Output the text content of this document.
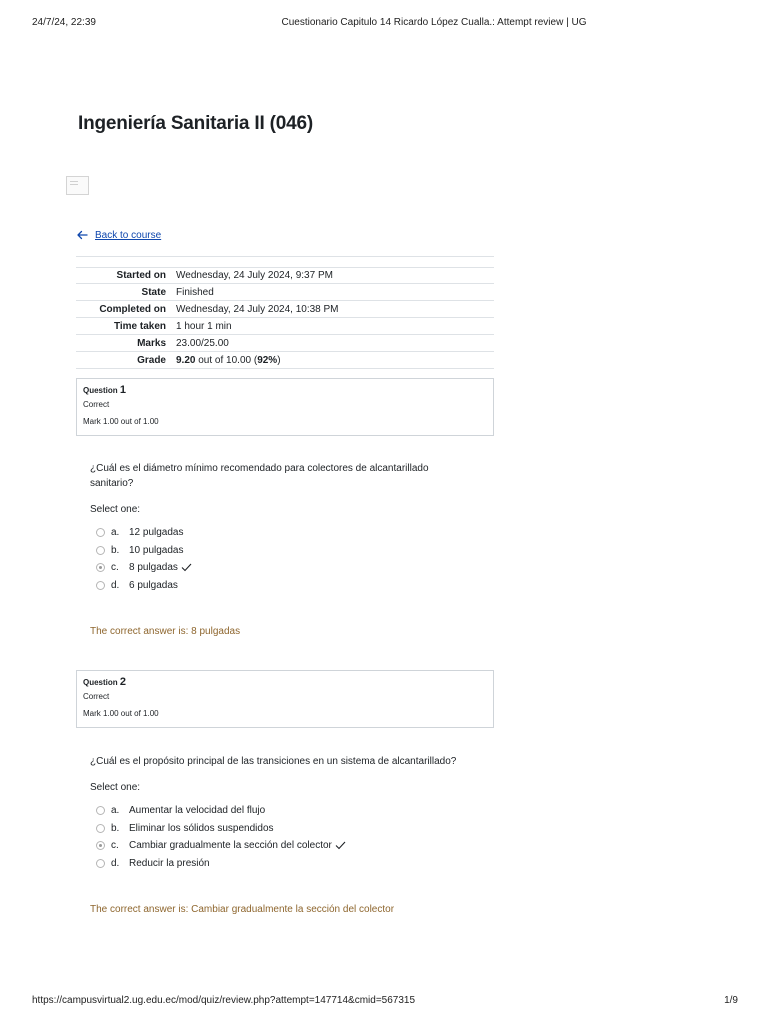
24/7/24, 22:39	Cuestionario Capitulo 14 Ricardo López Cualla.: Attempt review | UG
Ingeniería Sanitaria II (046)
Back to course
Started on	Wednesday, 24 July 2024, 9:37 PM
State	Finished
Completed on	Wednesday, 24 July 2024, 10:38 PM
Time taken	1 hour 1 min
Marks	23.00/25.00
Grade	9.20 out of 10.00 (92%)
Question 1
Correct
Mark 1.00 out of 1.00
¿Cuál es el diámetro mínimo recomendado para colectores de alcantarillado sanitario?
Select one:
a. 12 pulgadas
b. 10 pulgadas
c.	8 pulgadas
d. 6 pulgadas
The correct answer is: 8 pulgadas
Question 2
Correct
Mark 1.00 out of 1.00
¿Cuál es el propósito principal de las transiciones en un sistema de alcantarillado?
Select one:
a. Aumentar la velocidad del flujo
b. Eliminar los sólidos suspendidos
c.	Cambiar gradualmente la sección del colector
d. Reducir la presión
The correct answer is: Cambiar gradualmente la sección del colector
https://campusvirtual2.ug.edu.ec/mod/quiz/review.php?attempt=147714&cmid=567315	1/9
